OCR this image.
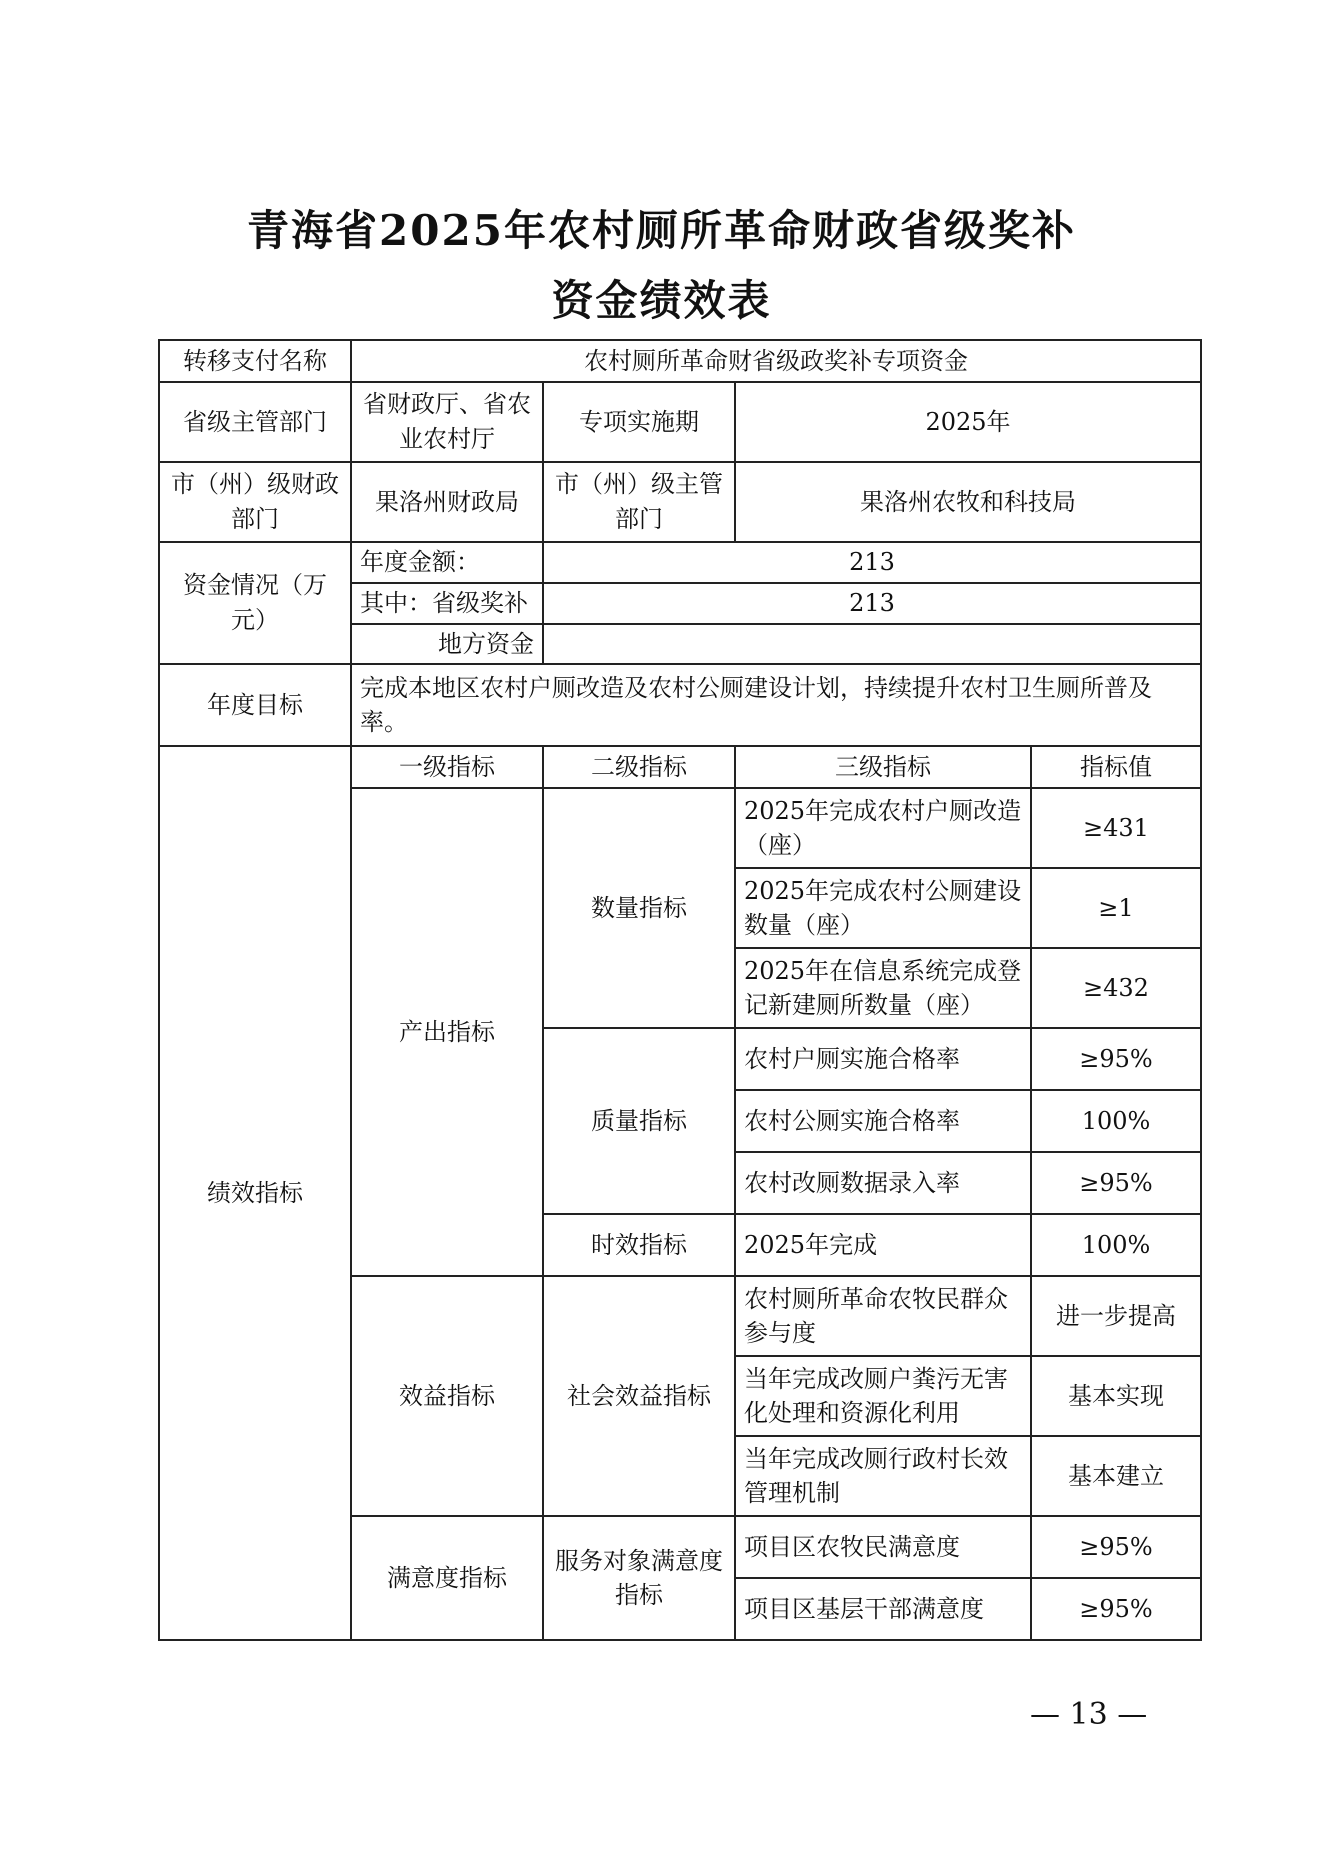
青海省2025年农村厕所革命财政省级奖补
资金绩效表
转移支付名称	农村厕所革命财省级政奖补专项资金			
省级主管部门	省财政厅、省农业农村厅	专项实施期	2025年	
市（州）级财政部门	果洛州财政局	市（州）级主管部门	果洛州农牧和科技局	
资金情况（万元）	年度金额：	213		
	其中：省级奖补	213		
	地方资金			
年度目标	完成本地区农村户厕改造及农村公厕建设计划，持续提升农村卫生厕所普及率。			
绩效指标	一级指标	二级指标	三级指标	指标值
	产出指标	数量指标	2025年完成农村户厕改造（座）	≥431
			2025年完成农村公厕建设数量（座）	≥1
			2025年在信息系统完成登记新建厕所数量（座）	≥432
		质量指标	农村户厕实施合格率	≥95%
			农村公厕实施合格率	100%
			农村改厕数据录入率	≥95%
		时效指标	2025年完成	100%
	效益指标	社会效益指标	农村厕所革命农牧民群众参与度	进一步提高
			当年完成改厕户粪污无害化处理和资源化利用	基本实现
			当年完成改厕行政村长效管理机制	基本建立
	满意度指标	服务对象满意度指标	项目区农牧民满意度	≥95%
			项目区基层干部满意度	≥95%
— 13 —
